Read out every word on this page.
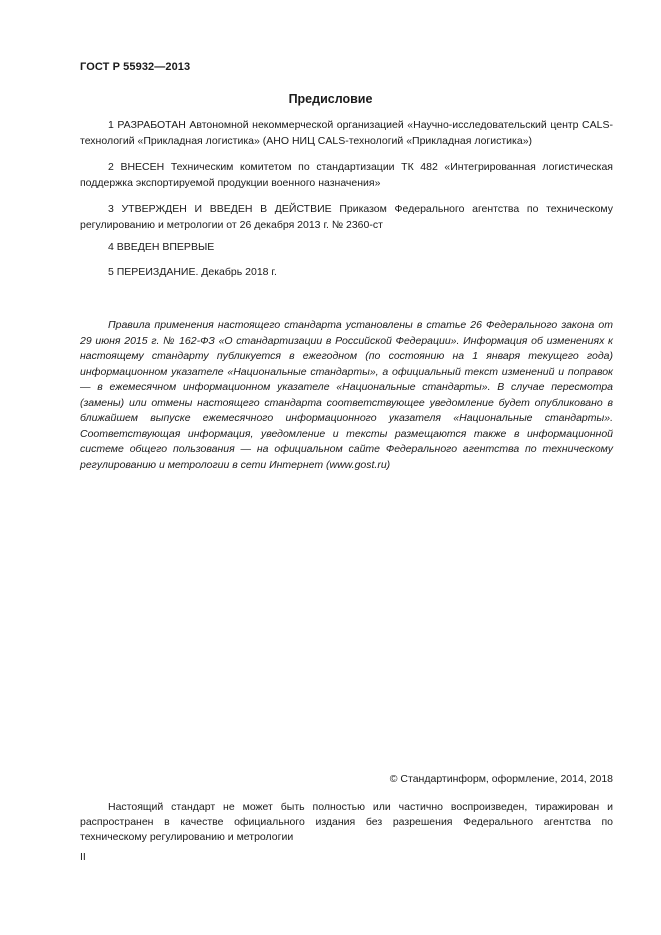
ГОСТ Р 55932—2013
Предисловие

1 РАЗРАБОТАН Автономной некоммерческой организацией «Научно-исследовательский центр CALS-технологий «Прикладная логистика» (АНО НИЦ CALS-технологий «Прикладная логистика»)

2 ВНЕСЕН Техническим комитетом по стандартизации ТК 482 «Интегрированная логистическая поддержка экспортируемой продукции военного назначения»

3 УТВЕРЖДЕН И ВВЕДЕН В ДЕЙСТВИЕ Приказом Федерального агентства по техническому регулированию и метрологии от 26 декабря 2013 г. № 2360-ст

4 ВВЕДЕН ВПЕРВЫЕ

5 ПЕРЕИЗДАНИЕ. Декабрь 2018 г.

Правила применения настоящего стандарта установлены в статье 26 Федерального закона от 29 июня 2015 г. № 162-ФЗ «О стандартизации в Российской Федерации». Информация об изменениях к настоящему стандарту публикуется в ежегодном (по состоянию на 1 января текущего года) информационном указателе «Национальные стандарты», а официальный текст изменений и поправок — в ежемесячном информационном указателе «Национальные стандарты». В случае пересмотра (замены) или отмены настоящего стандарта соответствующее уведомление будет опубликовано в ближайшем выпуске ежемесячного информационного указателя «Национальные стандарты». Соответствующая информация, уведомление и тексты размещаются также в информационной системе общего пользования — на официальном сайте Федерального агентства по техническому регулированию и метрологии в сети Интернет (www.gost.ru)

© Стандартинформ, оформление, 2014, 2018

Настоящий стандарт не может быть полностью или частично воспроизведен, тиражирован и распространен в качестве официального издания без разрешения Федерального агентства по техническому регулированию и метрологии

II
